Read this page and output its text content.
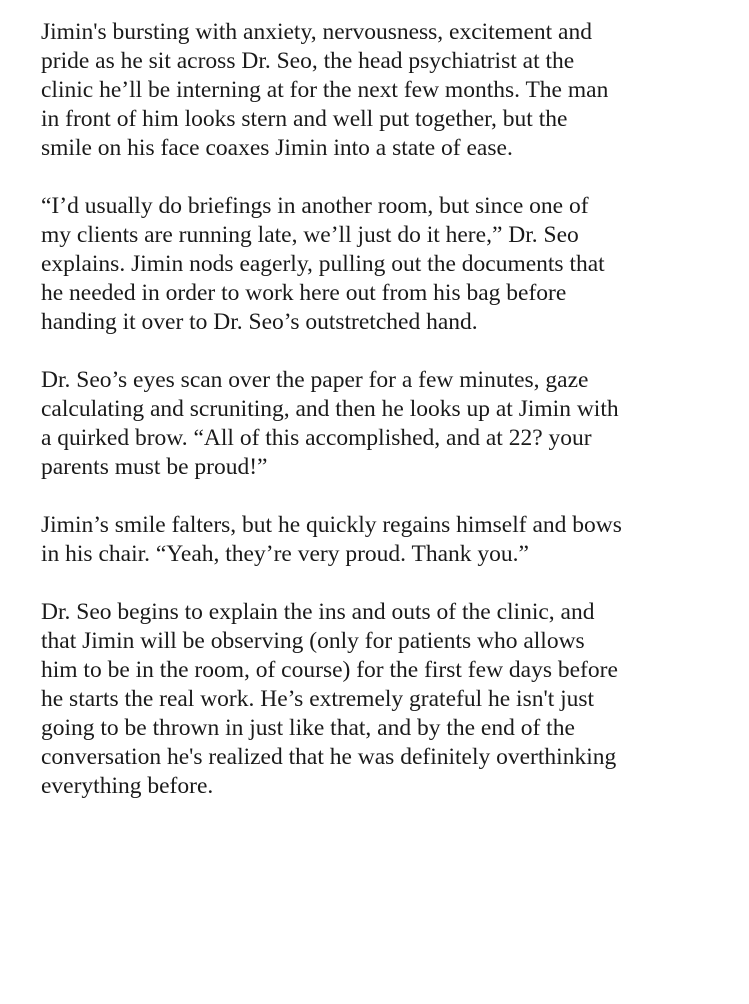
Jimin's bursting with anxiety, nervousness, excitement and
pride as he sit across Dr. Seo, the head psychiatrist at the
clinic he’ll be interning at for the next few months. The man
in front of him looks stern and well put together, but the
smile on his face coaxes Jimin into a state of ease.

“I’d usually do briefings in another room, but since one of
my clients are running late, we’ll just do it here,” Dr. Seo
explains. Jimin nods eagerly, pulling out the documents that
he needed in order to work here out from his bag before
handing it over to Dr. Seo’s outstretched hand.

Dr. Seo’s eyes scan over the paper for a few minutes, gaze
calculating and scruniting, and then he looks up at Jimin with
a quirked brow. “All of this accomplished, and at 22? your
parents must be proud!”

Jimin’s smile falters, but he quickly regains himself and bows
in his chair. “Yeah, they’re very proud. Thank you.”

Dr. Seo begins to explain the ins and outs of the clinic, and
that Jimin will be observing (only for patients who allows
him to be in the room, of course) for the first few days before
he starts the real work. He’s extremely grateful he isn't just
going to be thrown in just like that, and by the end of the
conversation he's realized that he was definitely overthinking
everything before.
